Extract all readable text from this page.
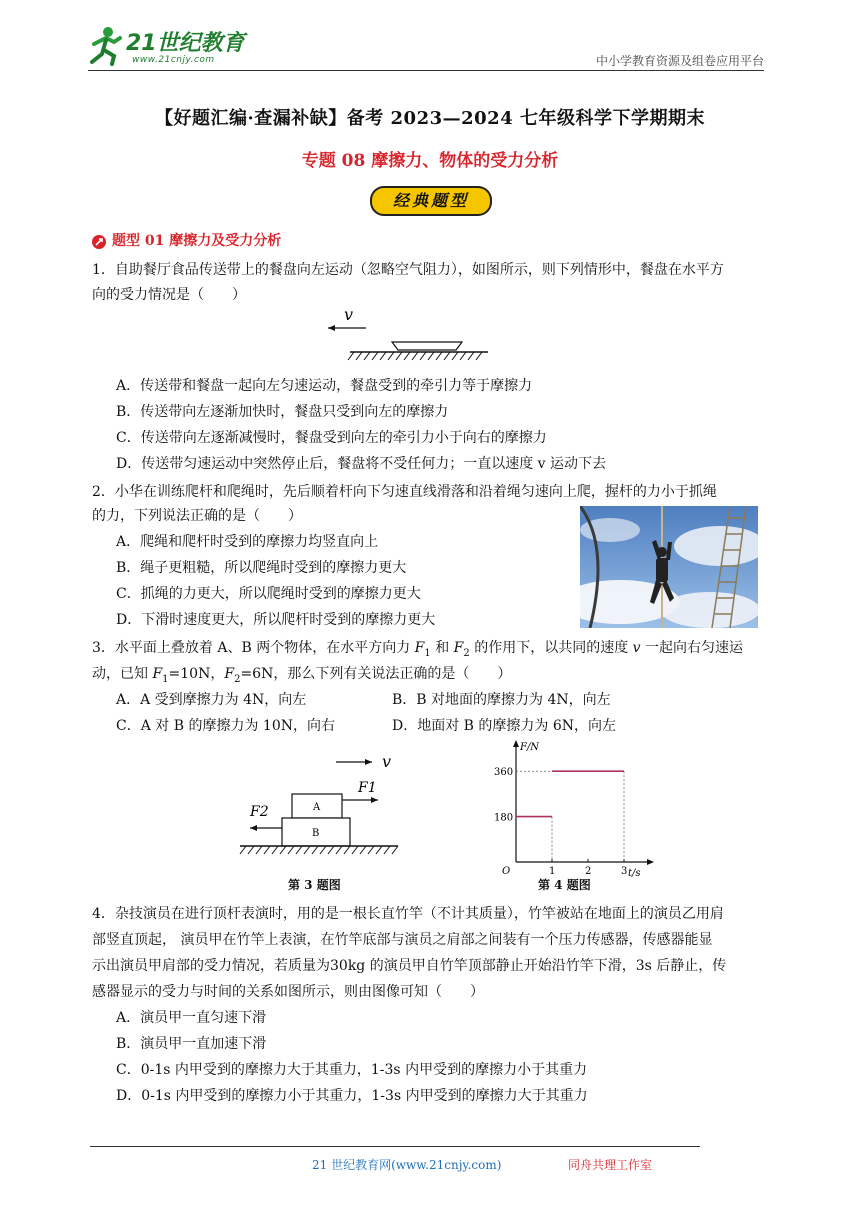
21世纪教育
www.21cnjy.com	中小学教育资源及组卷应用平台
【好题汇编·查漏补缺】备考 2023—2024 七年级科学下学期期末
专题 08 摩擦力、物体的受力分析
经典题型
题型 01 摩擦力及受力分析
1．自助餐厅食品传送带上的餐盘向左运动（忽略空气阻力），如图所示，则下列情形中，餐盘在水平方
向的受力情况是（　　）
v
A．传送带和餐盘一起向左匀速运动，餐盘受到的牵引力等于摩擦力
B．传送带向左逐渐加快时，餐盘只受到向左的摩擦力
C．传送带向左逐渐减慢时，餐盘受到向左的牵引力小于向右的摩擦力
D．传送带匀速运动中突然停止后，餐盘将不受任何力；一直以速度 v 运动下去
2．小华在训练爬杆和爬绳时，先后顺着杆向下匀速直线滑落和沿着绳匀速向上爬，握杆的力小于抓绳
的力，下列说法正确的是（　　）
A．爬绳和爬杆时受到的摩擦力均竖直向上
B．绳子更粗糙，所以爬绳时受到的摩擦力更大
C．抓绳的力更大，所以爬绳时受到的摩擦力更大
D．下滑时速度更大，所以爬杆时受到的摩擦力更大
3．水平面上叠放着 A、B 两个物体，在水平方向力 $F_1$ 和 $F_2$ 的作用下，以共同的速度 v 一起向右匀速运
动，已知 $F_1=10N$，$F_2=6N$，那么下列有关说法正确的是（　　）
A．A 受到摩擦力为 4N，向左	B．B 对地面的摩擦力为 4N，向左
C．A 对 B 的摩擦力为 10N，向右	D．地面对 B 的摩擦力为 6N，向左
v
A
B
F1
F2
第 3 题图
F/N
t/s
O	1	2	3
180
360
第 4 题图
4．杂技演员在进行顶杆表演时，用的是一根长直竹竿（不计其质量），竹竿被站在地面上的演员乙用肩
部竖直顶起， 演员甲在竹竿上表演，在竹竿底部与演员之肩部之间装有一个压力传感器，传感器能显
示出演员甲肩部的受力情况，若质量为30kg 的演员甲自竹竿顶部静止开始沿竹竿下滑，3s 后静止，传
感器显示的受力与时间的关系如图所示，则由图像可知（　　）
A．演员甲一直匀速下滑
B．演员甲一直加速下滑
C．0-1s 内甲受到的摩擦力大于其重力，1-3s 内甲受到的摩擦力小于其重力
D．0-1s 内甲受到的摩擦力小于其重力，1-3s 内甲受到的摩擦力大于其重力
21 世纪教育网(www.21cnjy.com)	同舟共理工作室
